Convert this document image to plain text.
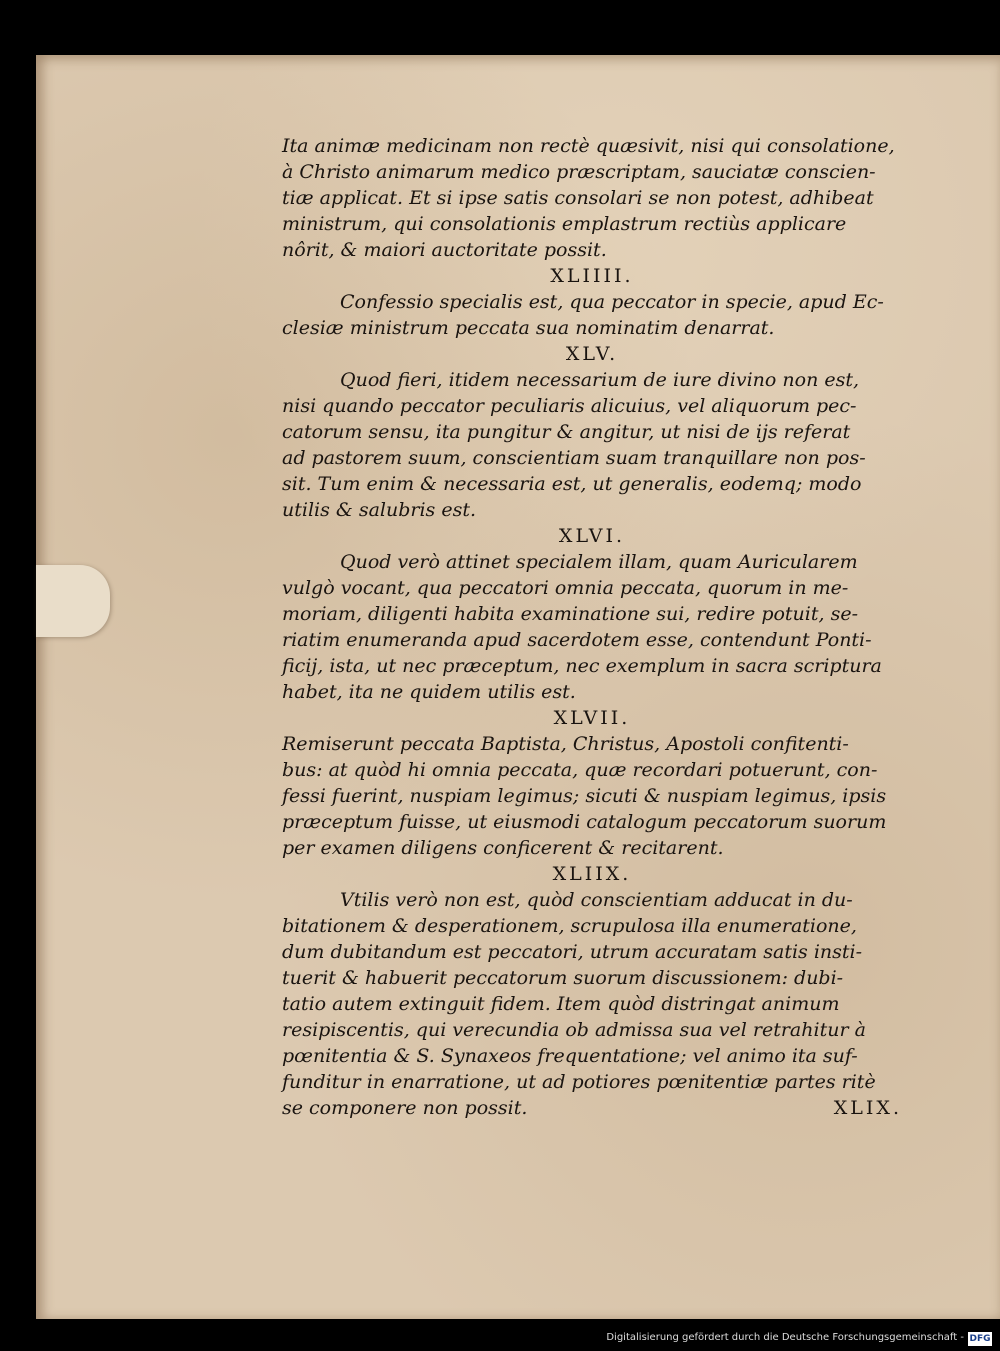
Ita animæ medicinam non rectè quæsivit, nisi qui consolatione,
à Christo animarum medico præscriptam, sauciatæ conscien-
tiæ applicat. Et si ipse satis consolari se non potest, adhibeat
ministrum, qui consolationis emplastrum rectiùs applicare
nôrit, & maiori auctoritate possit.
XLIIII.
Confessio specialis est, qua peccator in specie, apud Ec-
clesiæ ministrum peccata sua nominatim denarrat.
XLV.
Quod fieri, itidem necessarium de iure divino non est,
nisi quando peccator peculiaris alicuius, vel aliquorum pec-
catorum sensu, ita pungitur & angitur, ut nisi de ijs referat
ad pastorem suum, conscientiam suam tranquillare non pos-
sit. Tum enim & necessaria est, ut generalis, eodemq; modo
utilis & salubris est.
XLVI.
Quod verò attinet specialem illam, quam Auricularem
vulgò vocant, qua peccatori omnia peccata, quorum in me-
moriam, diligenti habita examinatione sui, redire potuit, se-
riatim enumeranda apud sacerdotem esse, contendunt Ponti-
ficij, ista, ut nec præceptum, nec exemplum in sacra scriptura
habet, ita ne quidem utilis est.
XLVII.
Remiserunt peccata Baptista, Christus, Apostoli confitenti-
bus: at quòd hi omnia peccata, quæ recordari potuerunt, con-
fessi fuerint, nuspiam legimus; sicuti & nuspiam legimus, ipsis
præceptum fuisse, ut eiusmodi catalogum peccatorum suorum
per examen diligens conficerent & recitarent.
XLIIX.
Vtilis verò non est, quòd conscientiam adducat in du-
bitationem & desperationem, scrupulosa illa enumeratione,
dum dubitandum est peccatori, utrum accuratam satis insti-
tuerit & habuerit peccatorum suorum discussionem: dubi-
tatio autem extinguit fidem. Item quòd distringat animum
resipiscentis, qui verecundia ob admissa sua vel retrahitur à
pœnitentia & S. Synaxeos frequentatione; vel animo ita suf-
funditur in enarratione, ut ad potiores pœnitentiæ partes ritè
se componere non possit.	XLIX.
Digitalisierung gefördert durch die Deutsche Forschungsgemeinschaft - DFG
